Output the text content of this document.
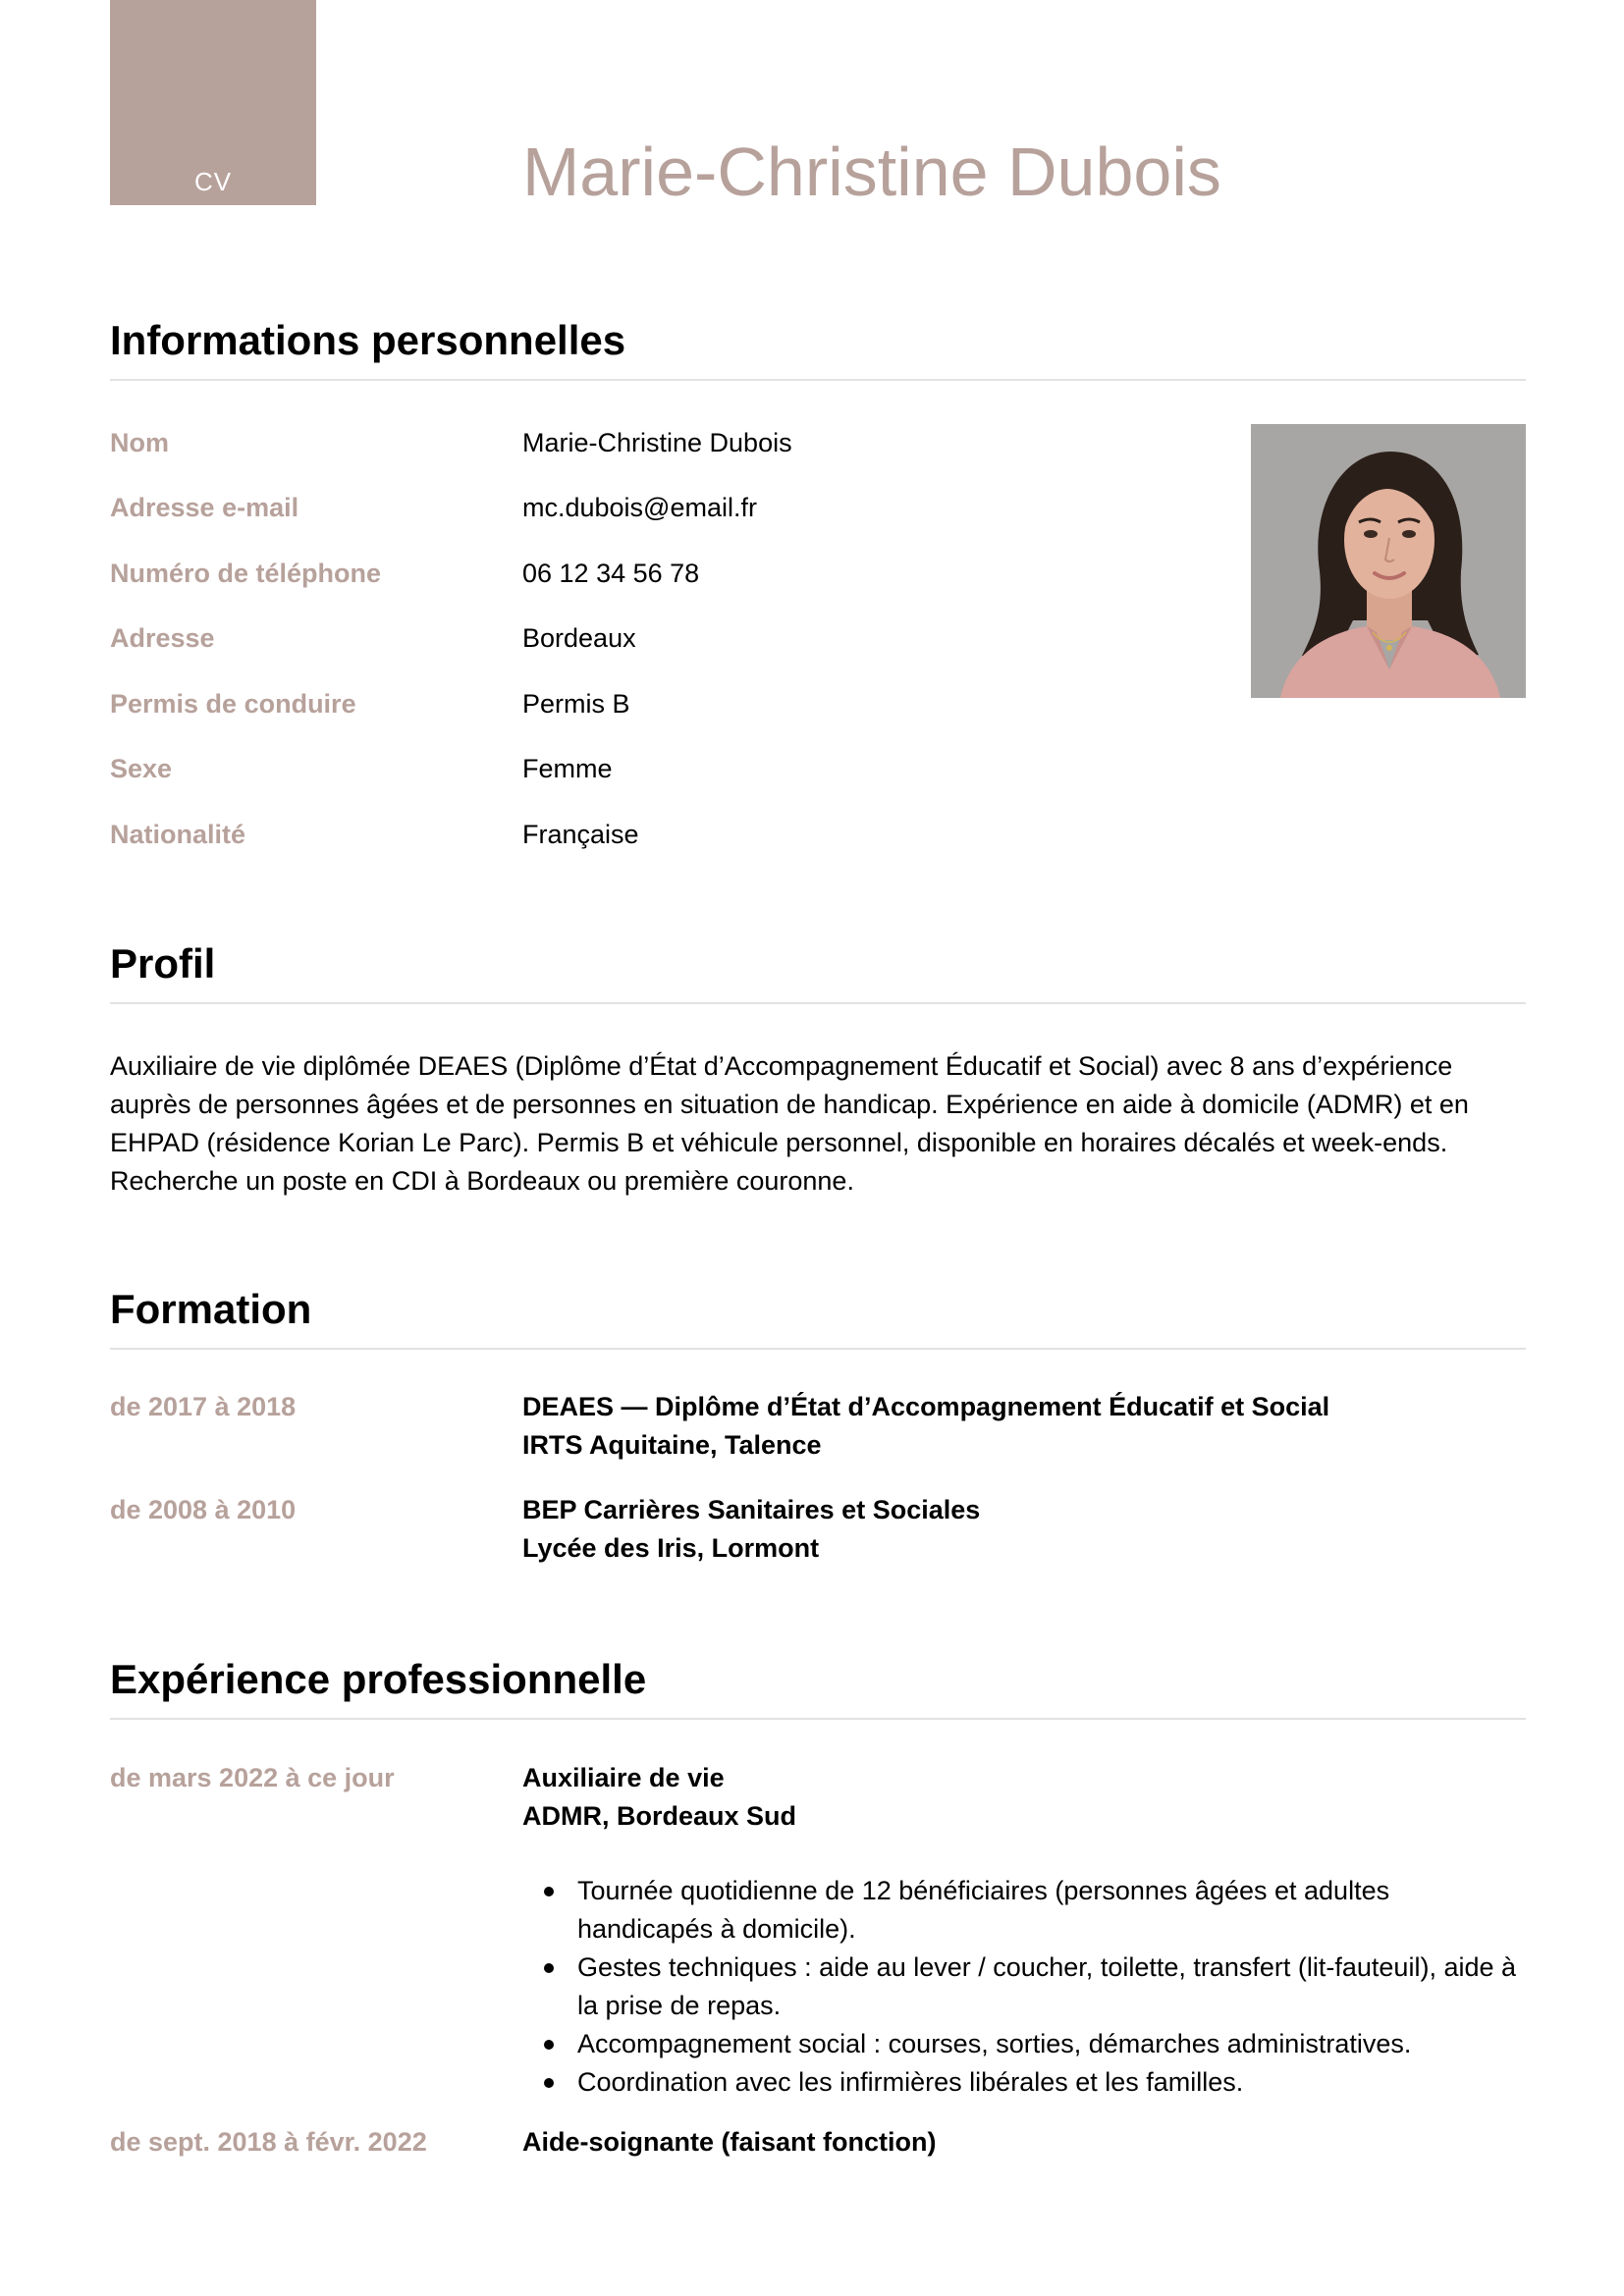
CV	Marie-Christine Dubois
Informations personnelles
Nom	Marie-Christine Dubois
Adresse e-mail	mc.dubois@email.fr
Numéro de téléphone	06 12 34 56 78
Adresse	Bordeaux
Permis de conduire	Permis B
Sexe	Femme
Nationalité	Française
Profil
Auxiliaire de vie diplômée DEAES (Diplôme d’État d’Accompagnement Éducatif et Social) avec 8 ans d’expérience auprès de personnes âgées et de personnes en situation de handicap. Expérience en aide à domicile (ADMR) et en EHPAD (résidence Korian Le Parc). Permis B et véhicule personnel, disponible en horaires décalés et week-ends. Recherche un poste en CDI à Bordeaux ou première couronne.
Formation
de 2017 à 2018	DEAES — Diplôme d’État d’Accompagnement Éducatif et Social
IRTS Aquitaine, Talence
de 2008 à 2010	BEP Carrières Sanitaires et Sociales
Lycée des Iris, Lormont
Expérience professionnelle
de mars 2022 à ce jour	Auxiliaire de vie
ADMR, Bordeaux Sud
Tournée quotidienne de 12 bénéficiaires (personnes âgées et adultes handicapés à domicile).
Gestes techniques : aide au lever / coucher, toilette, transfert (lit-fauteuil), aide à la prise de repas.
Accompagnement social : courses, sorties, démarches administratives.
Coordination avec les infirmières libérales et les familles.
de sept. 2018 à févr. 2022	Aide-soignante (faisant fonction)
